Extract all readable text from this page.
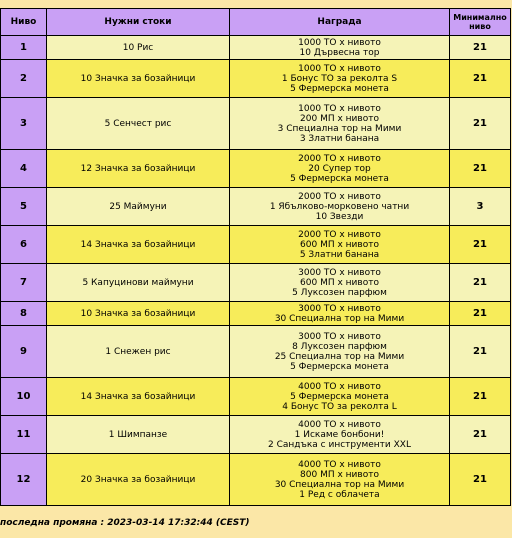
Ниво	Нужни стоки	Награда	Минимално ниво
1	10 Рис	1000 ТО x нивото
10 Дървесна тор	21
2	10 Значка за бозайници	1000 ТО x нивото
1 Бонус ТО за реколта S
5 Фермерска монета	21
3	5 Сенчест рис	1000 ТО x нивото
200 МП x нивото
3 Специална тор на Мими
3 Златни банана	21
4	12 Значка за бозайници	2000 ТО x нивото
20 Супер тор
5 Фермерска монета	21
5	25 Маймуни	2000 ТО x нивото
1 Ябълково-морковено чатни
10 Звезди	3
6	14 Значка за бозайници	2000 ТО x нивото
600 МП x нивото
5 Златни банана	21
7	5 Капуцинови маймуни	3000 ТО x нивото
600 МП x нивото
5 Луксозен парфюм	21
8	10 Значка за бозайници	3000 ТО x нивото
30 Специална тор на Мими	21
9	1 Снежен рис	3000 ТО x нивото
8 Луксозен парфюм
25 Специална тор на Мими
5 Фермерска монета	21
10	14 Значка за бозайници	4000 ТО x нивото
5 Фермерска монета
4 Бонус ТО за реколта L	21
11	1 Шимпанзе	4000 ТО x нивото
1 Искаме бонбони!
2 Сандъка с инструменти XXL	21
12	20 Значка за бозайници	4000 ТО x нивото
800 МП x нивото
30 Специална тор на Мими
1 Ред с облачета	21
последна промяна : 2023-03-14 17:32:44 (CEST)
